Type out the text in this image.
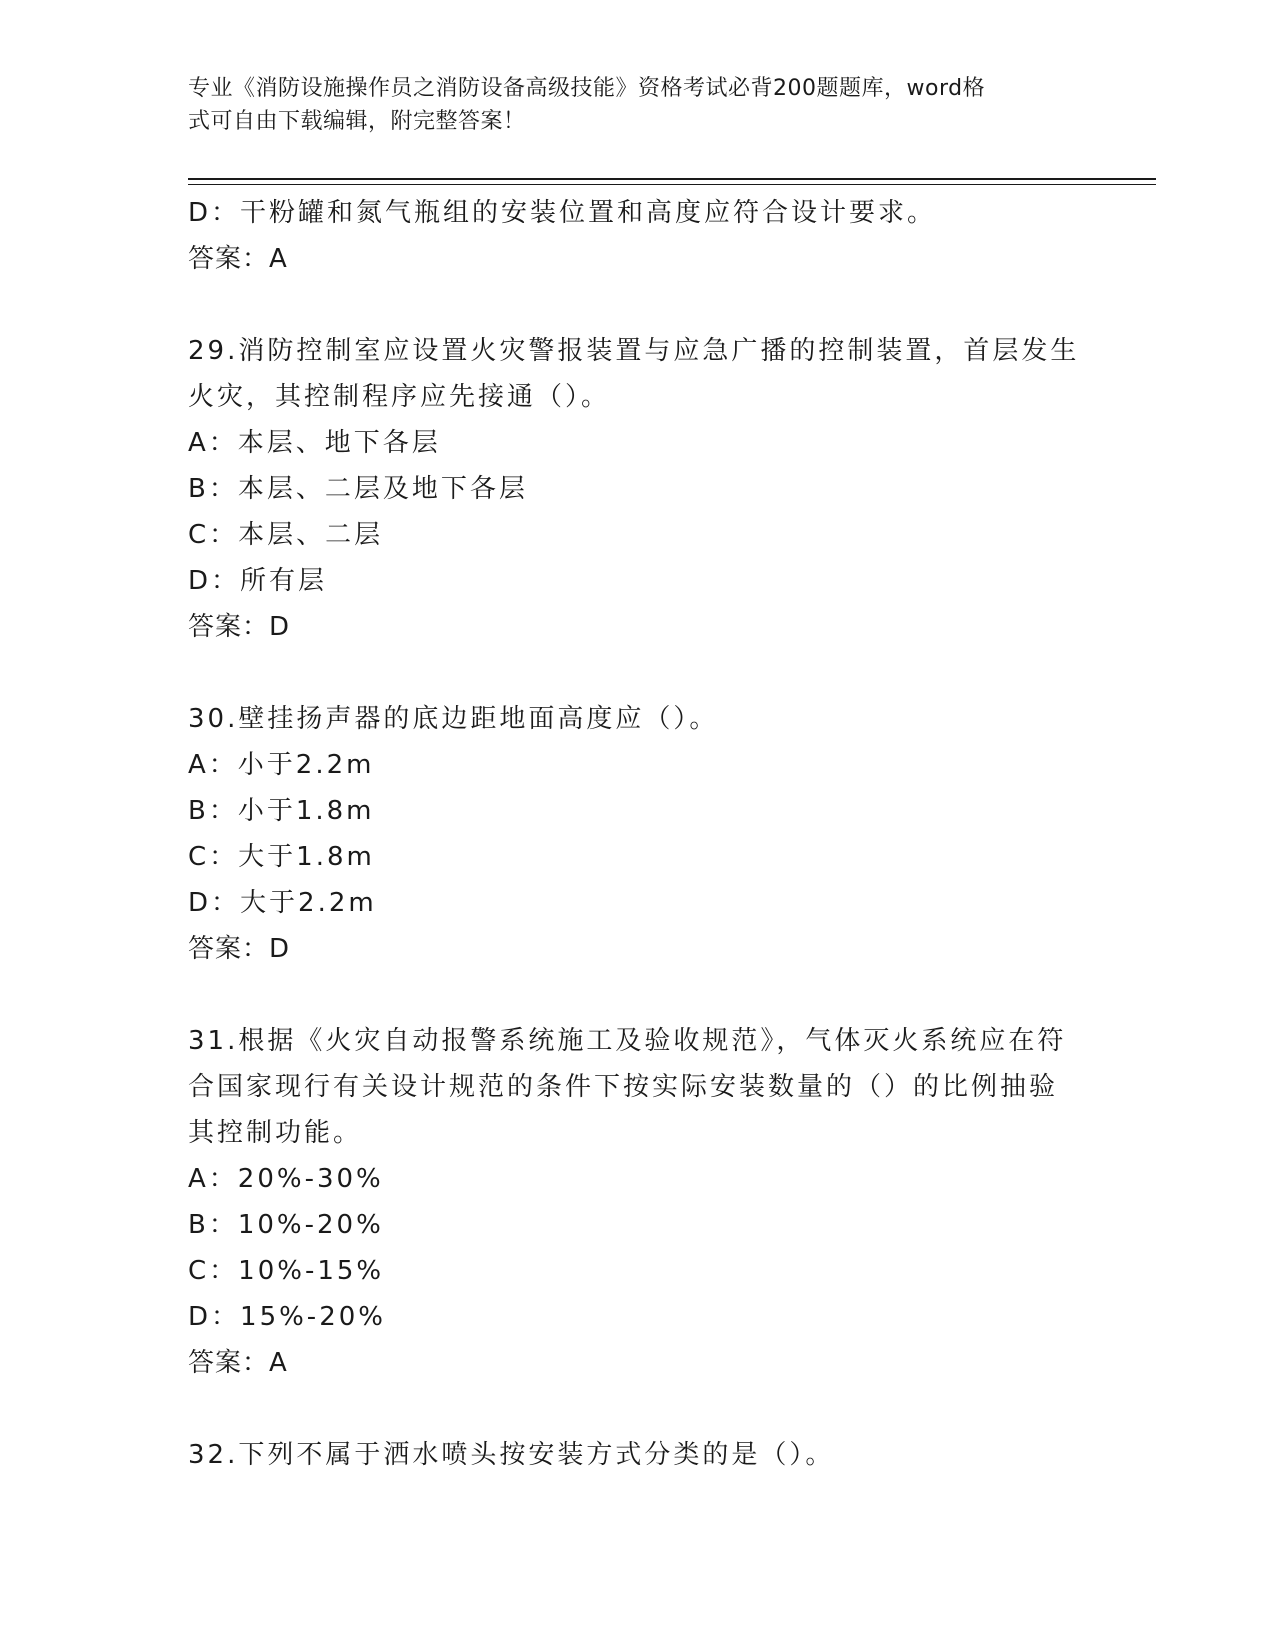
专业《消防设施操作员之消防设备高级技能》资格考试必背200题题库，word格
式可自由下载编辑，附完整答案！
D：干粉罐和氮气瓶组的安装位置和高度应符合设计要求。
答案：A
29.消防控制室应设置火灾警报装置与应急广播的控制装置，首层发生
火灾，其控制程序应先接通（）。
A：本层、地下各层
B：本层、二层及地下各层
C：本层、二层
D：所有层
答案：D
30.壁挂扬声器的底边距地面高度应（）。
A：小于2.2m
B：小于1.8m
C：大于1.8m
D：大于2.2m
答案：D
31.根据《火灾自动报警系统施工及验收规范》，气体灭火系统应在符
合国家现行有关设计规范的条件下按实际安装数量的（）的比例抽验
其控制功能。
A：20%-30%
B：10%-20%
C：10%-15%
D：15%-20%
答案：A
32.下列不属于洒水喷头按安装方式分类的是（）。
